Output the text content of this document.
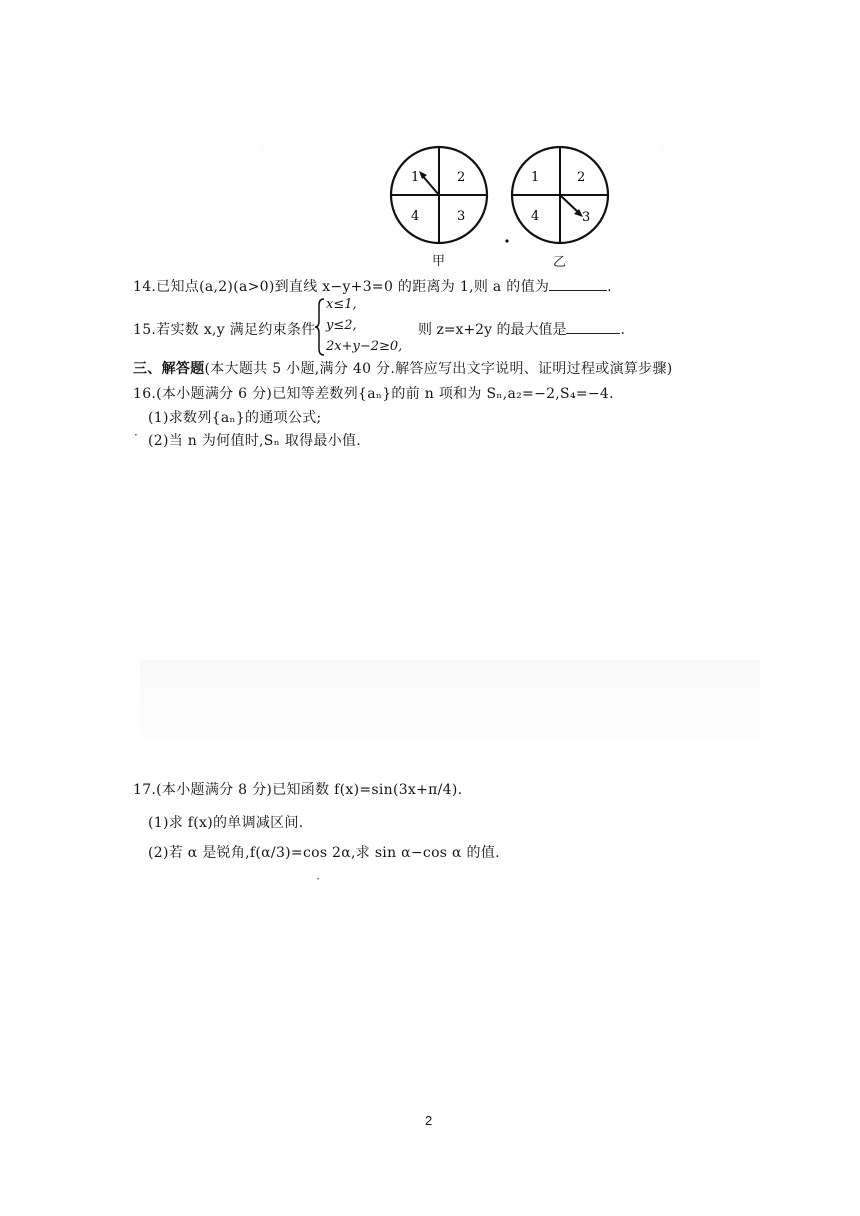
·	·
1	2
3
4
1	2
3
4
甲	乙
14.已知点(a,2)(a>0)到直线 x−y+3=0 的距离为 1,则 a 的值为	.
15.若实数 x,y 满足约束条件
x≤1,
y≤2,
2x+y−2≥0,
则 z=x+2y 的最大值是	.
三、解答题(本大题共 5 小题,满分 40 分.解答应写出文字说明、证明过程或演算步骤)
16.(本小题满分 6 分)已知等差数列{aₙ}的前 n 项和为 Sₙ,a₂=−2,S₄=−4.
(1)求数列{aₙ}的通项公式;
(2)当 n 为何值时,Sₙ 取得最小值.
·
17.(本小题满分 8 分)已知函数 f(x)=sin(3x+π/4).
(1)求 f(x)的单调减区间.
(2)若 α 是锐角,f(α/3)=cos 2α,求 sin α−cos α 的值.
·
2
